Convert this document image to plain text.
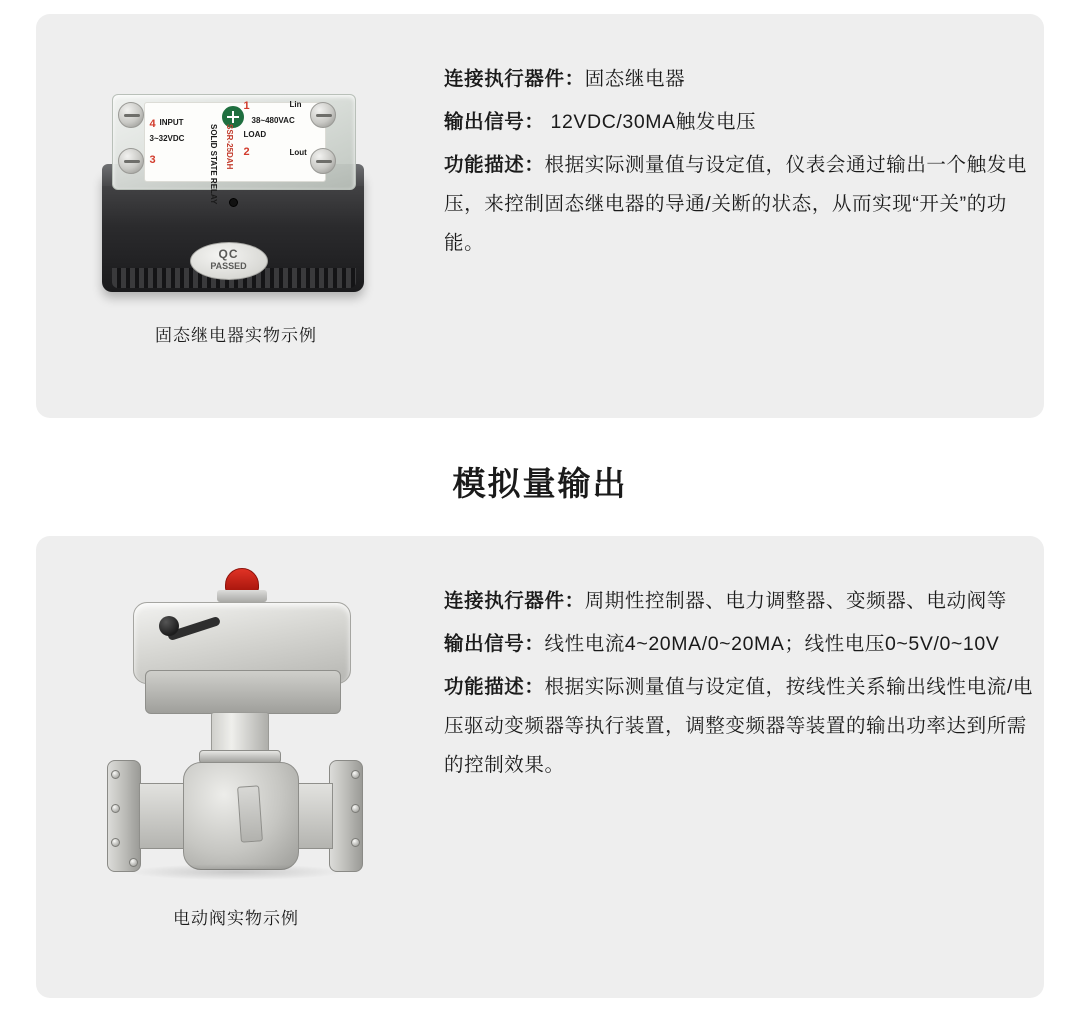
1
38~480VAC
Lin
LOAD
2	Lout
4
3~32VDC
INPUT
3	SOLID STATE RELAY SSR-25DAH
QC
PASSED
固态继电器实物示例

连接执行器件：固态继电器

输出信号： 12VDC/30MA触发电压

功能描述：根据实际测量值与设定值，仪表会通过输出一个触发电压，来控制固态继电器的导通/关断的状态，从而实现“开关”的功能。

模拟量输出
电动阀实物示例

连接执行器件：周期性控制器、电力调整器、变频器、电动阀等

输出信号：线性电流4~20MA/0~20MA；线性电压0~5V/0~10V

功能描述：根据实际测量值与设定值，按线性关系输出线性电流/电压驱动变频器等执行装置，调整变频器等装置的输出功率达到所需的控制效果。
